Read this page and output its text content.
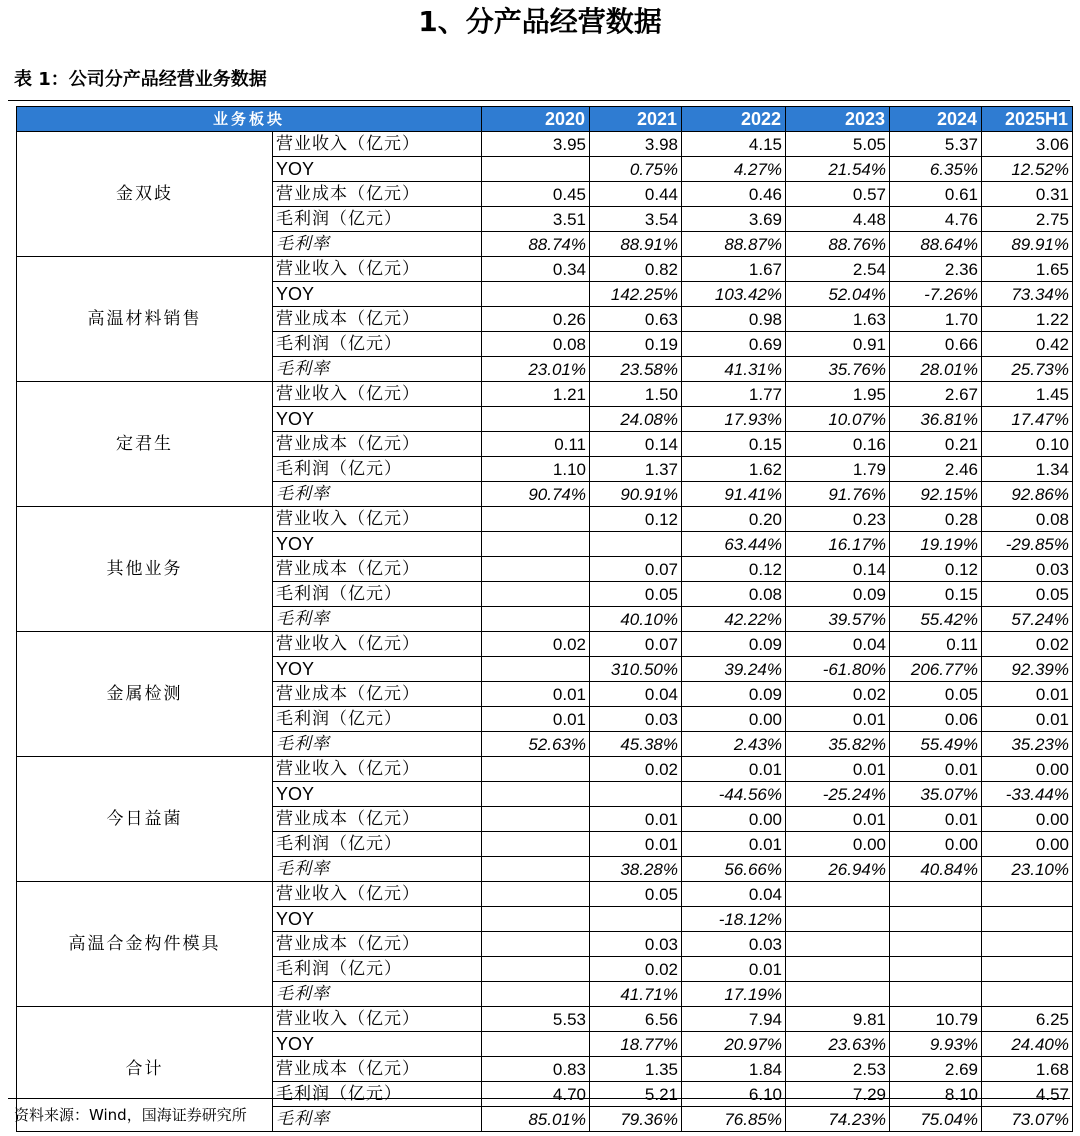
1、分产品经营数据
表 1：公司分产品经营业务数据
业务板块		2020	2021	2022	2023	2024	2025H1
金双歧	营业收入（亿元）	3.95	3.98	4.15	5.05	5.37	3.06
	YOY		0.75%	4.27%	21.54%	6.35%	12.52%
	营业成本（亿元）	0.45	0.44	0.46	0.57	0.61	0.31
	毛利润（亿元）	3.51	3.54	3.69	4.48	4.76	2.75
	毛利率	88.74%	88.91%	88.87%	88.76%	88.64%	89.91%
高温材料销售	营业收入（亿元）	0.34	0.82	1.67	2.54	2.36	1.65
	YOY		142.25%	103.42%	52.04%	-7.26%	73.34%
	营业成本（亿元）	0.26	0.63	0.98	1.63	1.70	1.22
	毛利润（亿元）	0.08	0.19	0.69	0.91	0.66	0.42
	毛利率	23.01%	23.58%	41.31%	35.76%	28.01%	25.73%
定君生	营业收入（亿元）	1.21	1.50	1.77	1.95	2.67	1.45
	YOY		24.08%	17.93%	10.07%	36.81%	17.47%
	营业成本（亿元）	0.11	0.14	0.15	0.16	0.21	0.10
	毛利润（亿元）	1.10	1.37	1.62	1.79	2.46	1.34
	毛利率	90.74%	90.91%	91.41%	91.76%	92.15%	92.86%
其他业务	营业收入（亿元）		0.12	0.20	0.23	0.28	0.08
	YOY			63.44%	16.17%	19.19%	-29.85%
	营业成本（亿元）		0.07	0.12	0.14	0.12	0.03
	毛利润（亿元）		0.05	0.08	0.09	0.15	0.05
	毛利率		40.10%	42.22%	39.57%	55.42%	57.24%
金属检测	营业收入（亿元）	0.02	0.07	0.09	0.04	0.11	0.02
	YOY		310.50%	39.24%	-61.80%	206.77%	92.39%
	营业成本（亿元）	0.01	0.04	0.09	0.02	0.05	0.01
	毛利润（亿元）	0.01	0.03	0.00	0.01	0.06	0.01
	毛利率	52.63%	45.38%	2.43%	35.82%	55.49%	35.23%
今日益菌	营业收入（亿元）		0.02	0.01	0.01	0.01	0.00
	YOY			-44.56%	-25.24%	35.07%	-33.44%
	营业成本（亿元）		0.01	0.00	0.01	0.01	0.00
	毛利润（亿元）		0.01	0.01	0.00	0.00	0.00
	毛利率		38.28%	56.66%	26.94%	40.84%	23.10%
高温合金构件模具	营业收入（亿元）		0.05	0.04			
	YOY			-18.12%			
	营业成本（亿元）		0.03	0.03			
	毛利润（亿元）		0.02	0.01			
	毛利率		41.71%	17.19%			
合计	营业收入（亿元）	5.53	6.56	7.94	9.81	10.79	6.25
	YOY		18.77%	20.97%	23.63%	9.93%	24.40%
	营业成本（亿元）	0.83	1.35	1.84	2.53	2.69	1.68
	毛利润（亿元）	4.70	5.21	6.10	7.29	8.10	4.57
	毛利率	85.01%	79.36%	76.85%	74.23%	75.04%	73.07%
资料来源：Wind，国海证券研究所
